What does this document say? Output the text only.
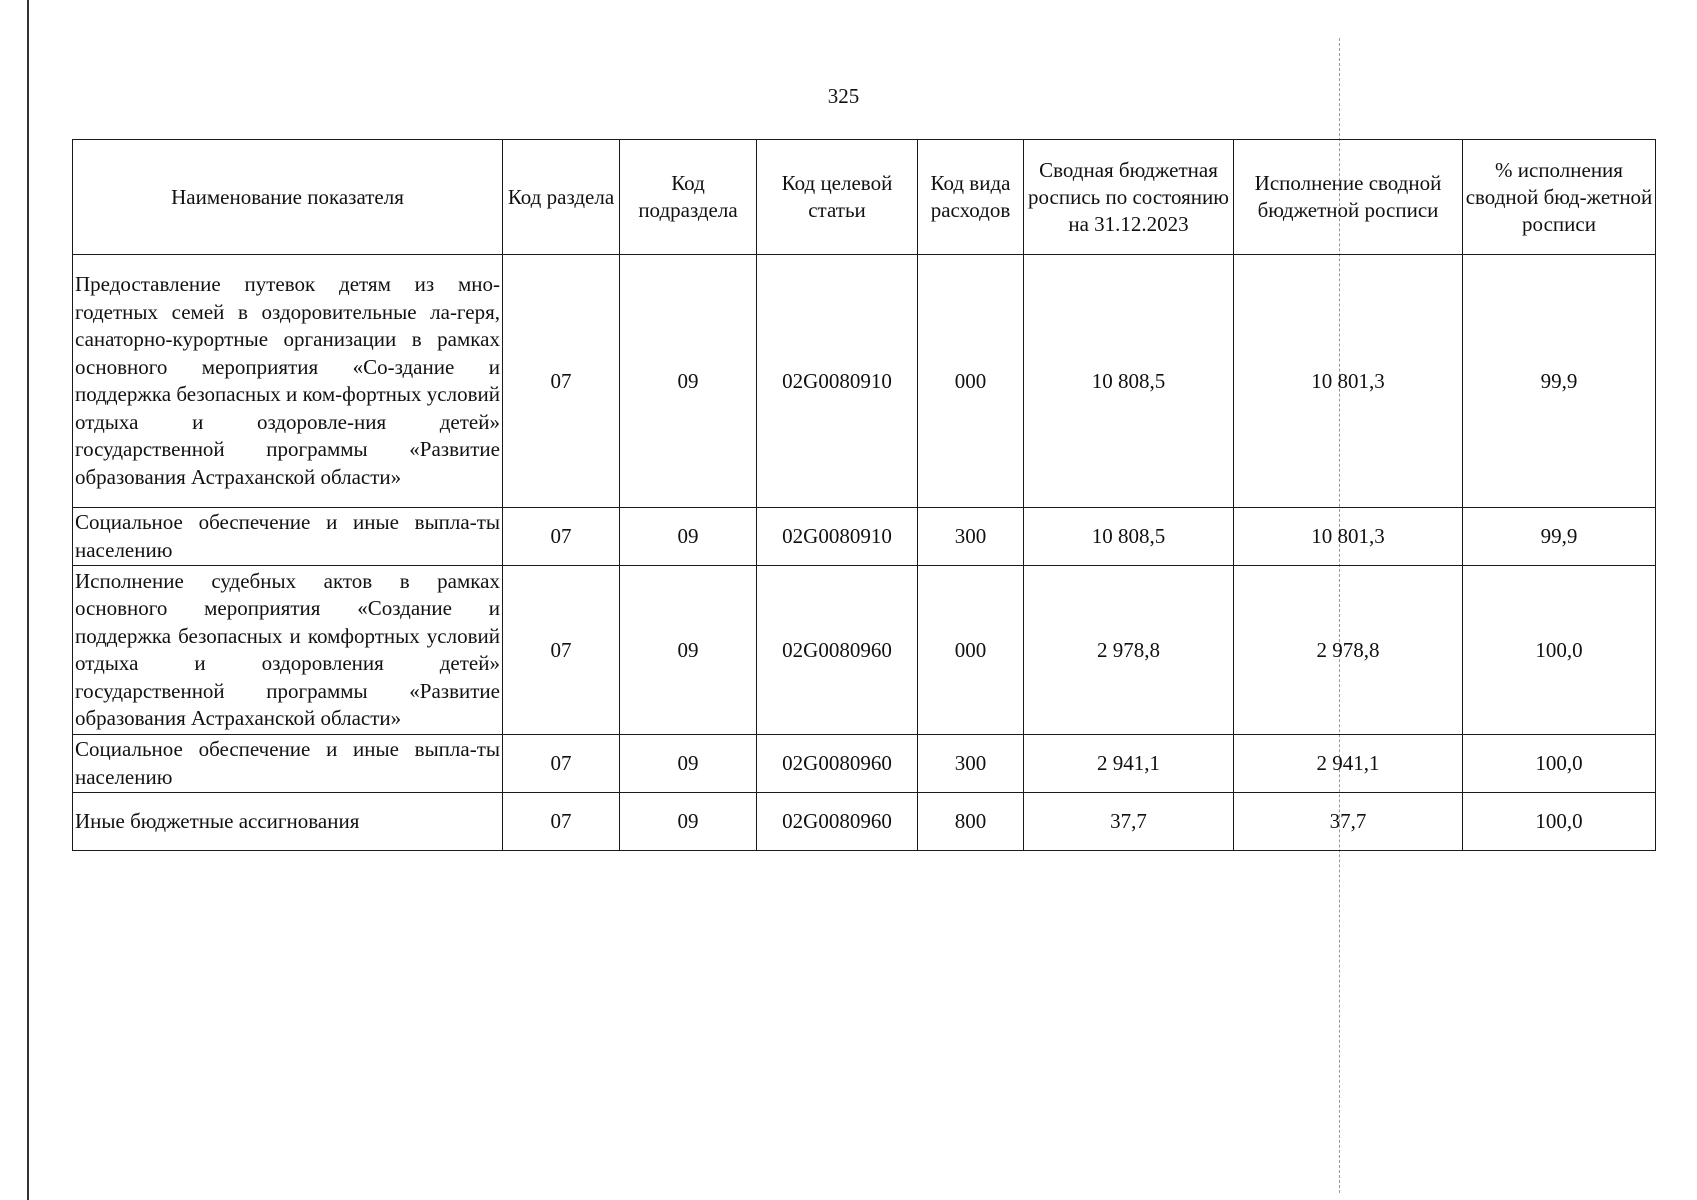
325
Наименование показателя	Код раздела	Код подраздела	Код целевой статьи	Код вида расходов	Сводная бюджетная роспись по состоянию на 31.12.2023	Исполнение сводной бюджетной росписи	% исполнения сводной бюд-жетной росписи
Предоставление путевок детям из мно-годетных семей в оздоровительные ла-геря, санаторно-курортные организации в рамках основного мероприятия «Со-здание и поддержка безопасных и ком-фортных условий отдыха и оздоровле-ния детей» государственной программы «Развитие образования Астраханской области»	07	09	02G0080910	000	10 808,5	10 801,3	99,9
Социальное обеспечение и иные выпла-ты населению	07	09	02G0080910	300	10 808,5	10 801,3	99,9
Исполнение судебных актов в рамках основного мероприятия «Создание и поддержка безопасных и комфортных условий отдыха и оздоровления детей» государственной программы «Развитие образования Астраханской области»	07	09	02G0080960	000	2 978,8	2 978,8	100,0
Социальное обеспечение и иные выпла-ты населению	07	09	02G0080960	300	2 941,1	2 941,1	100,0
Иные бюджетные ассигнования	07	09	02G0080960	800	37,7	37,7	100,0
